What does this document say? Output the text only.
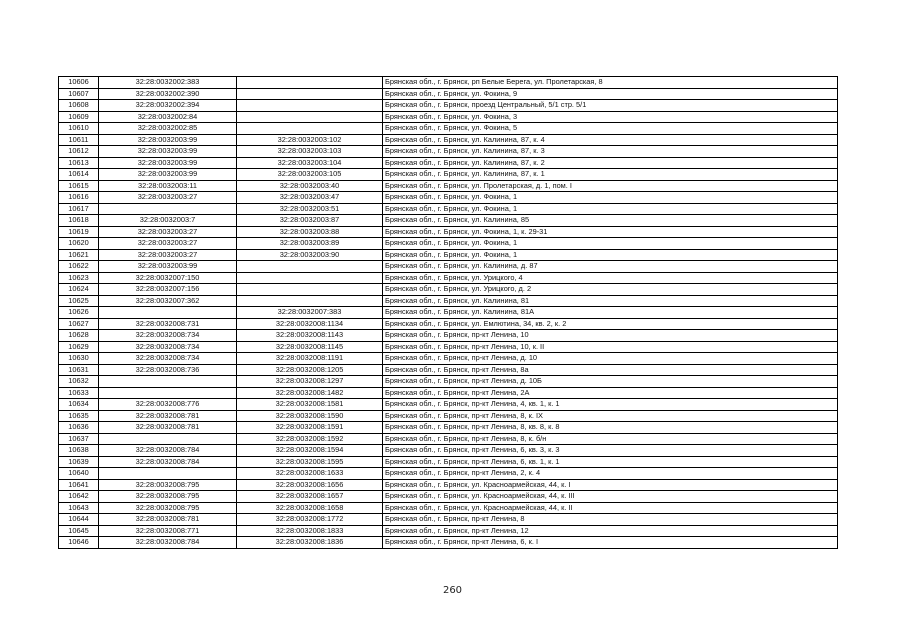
10606	32:28:0032002:383		Брянская обл., г. Брянск, рп Белые Берега, ул. Пролетарская, 8
10607	32:28:0032002:390		Брянская обл., г. Брянск, ул. Фокина, 9
10608	32:28:0032002:394		Брянская обл., г. Брянск, проезд Центральный, 5/1 стр. 5/1
10609	32:28:0032002:84		Брянская обл., г. Брянск, ул. Фокина, 3
10610	32:28:0032002:85		Брянская обл., г. Брянск, ул. Фокина, 5
10611	32:28:0032003:99	32:28:0032003:102	Брянская обл., г. Брянск, ул. Калинина, 87, к. 4
10612	32:28:0032003:99	32:28:0032003:103	Брянская обл., г. Брянск, ул. Калинина, 87, к. 3
10613	32:28:0032003:99	32:28:0032003:104	Брянская обл., г. Брянск, ул. Калинина, 87, к. 2
10614	32:28:0032003:99	32:28:0032003:105	Брянская обл., г. Брянск, ул. Калинина, 87, к. 1
10615	32:28:0032003:11	32:28:0032003:40	Брянская обл., г. Брянск, ул. Пролетарская, д. 1, пом. I
10616	32:28:0032003:27	32:28:0032003:47	Брянская обл., г. Брянск, ул. Фокина, 1
10617		32:28:0032003:51	Брянская обл., г. Брянск, ул. Фокина, 1
10618	32:28:0032003:7	32:28:0032003:87	Брянская обл., г. Брянск, ул. Калинина, 85
10619	32:28:0032003:27	32:28:0032003:88	Брянская обл., г. Брянск, ул. Фокина, 1, к. 29-31
10620	32:28:0032003:27	32:28:0032003:89	Брянская обл., г. Брянск, ул. Фокина, 1
10621	32:28:0032003:27	32:28:0032003:90	Брянская обл., г. Брянск, ул. Фокина, 1
10622	32:28:0032003:99		Брянская обл., г. Брянск, ул. Калинина, д. 87
10623	32:28:0032007:150		Брянская обл., г. Брянск, ул. Урицкого, 4
10624	32:28:0032007:156		Брянская обл., г. Брянск, ул. Урицкого, д. 2
10625	32:28:0032007:362		Брянская обл., г. Брянск, ул. Калинина, 81
10626		32:28:0032007:383	Брянская обл., г. Брянск, ул. Калинина, 81А
10627	32:28:0032008:731	32:28:0032008:1134	Брянская обл., г. Брянск, ул. Емлютина, 34, кв. 2, к. 2
10628	32:28:0032008:734	32:28:0032008:1143	Брянская обл., г. Брянск, пр-кт Ленина, 10
10629	32:28:0032008:734	32:28:0032008:1145	Брянская обл., г. Брянск, пр-кт Ленина, 10, к. II
10630	32:28:0032008:734	32:28:0032008:1191	Брянская обл., г. Брянск, пр-кт Ленина, д. 10
10631	32:28:0032008:736	32:28:0032008:1205	Брянская обл., г. Брянск, пр-кт Ленина, 8а
10632		32:28:0032008:1297	Брянская обл., г. Брянск, пр-кт Ленина, д. 10Б
10633		32:28:0032008:1482	Брянская обл., г. Брянск, пр-кт Ленина, 2А
10634	32:28:0032008:776	32:28:0032008:1581	Брянская обл., г. Брянск, пр-кт Ленина, 4, кв. 1, к. 1
10635	32:28:0032008:781	32:28:0032008:1590	Брянская обл., г. Брянск, пр-кт Ленина, 8, к. IX
10636	32:28:0032008:781	32:28:0032008:1591	Брянская обл., г. Брянск, пр-кт Ленина, 8, кв. 8, к. 8
10637		32:28:0032008:1592	Брянская обл., г. Брянск, пр-кт Ленина, 8, к. б/н
10638	32:28:0032008:784	32:28:0032008:1594	Брянская обл., г. Брянск, пр-кт Ленина, 6, кв. 3, к. 3
10639	32:28:0032008:784	32:28:0032008:1595	Брянская обл., г. Брянск, пр-кт Ленина, 6, кв. 1, к. 1
10640		32:28:0032008:1633	Брянская обл., г. Брянск, пр-кт Ленина, 2, к. 4
10641	32:28:0032008:795	32:28:0032008:1656	Брянская обл., г. Брянск, ул. Красноармейская, 44, к. I
10642	32:28:0032008:795	32:28:0032008:1657	Брянская обл., г. Брянск, ул. Красноармейская, 44, к. III
10643	32:28:0032008:795	32:28:0032008:1658	Брянская обл., г. Брянск, ул. Красноармейская, 44, к. II
10644	32:28:0032008:781	32:28:0032008:1772	Брянская обл., г. Брянск, пр-кт Ленина, 8
10645	32:28:0032008:771	32:28:0032008:1833	Брянская обл., г. Брянск, пр-кт Ленина, 12
10646	32:28:0032008:784	32:28:0032008:1836	Брянская обл., г. Брянск, пр-кт Ленина, 6, к. I
260
